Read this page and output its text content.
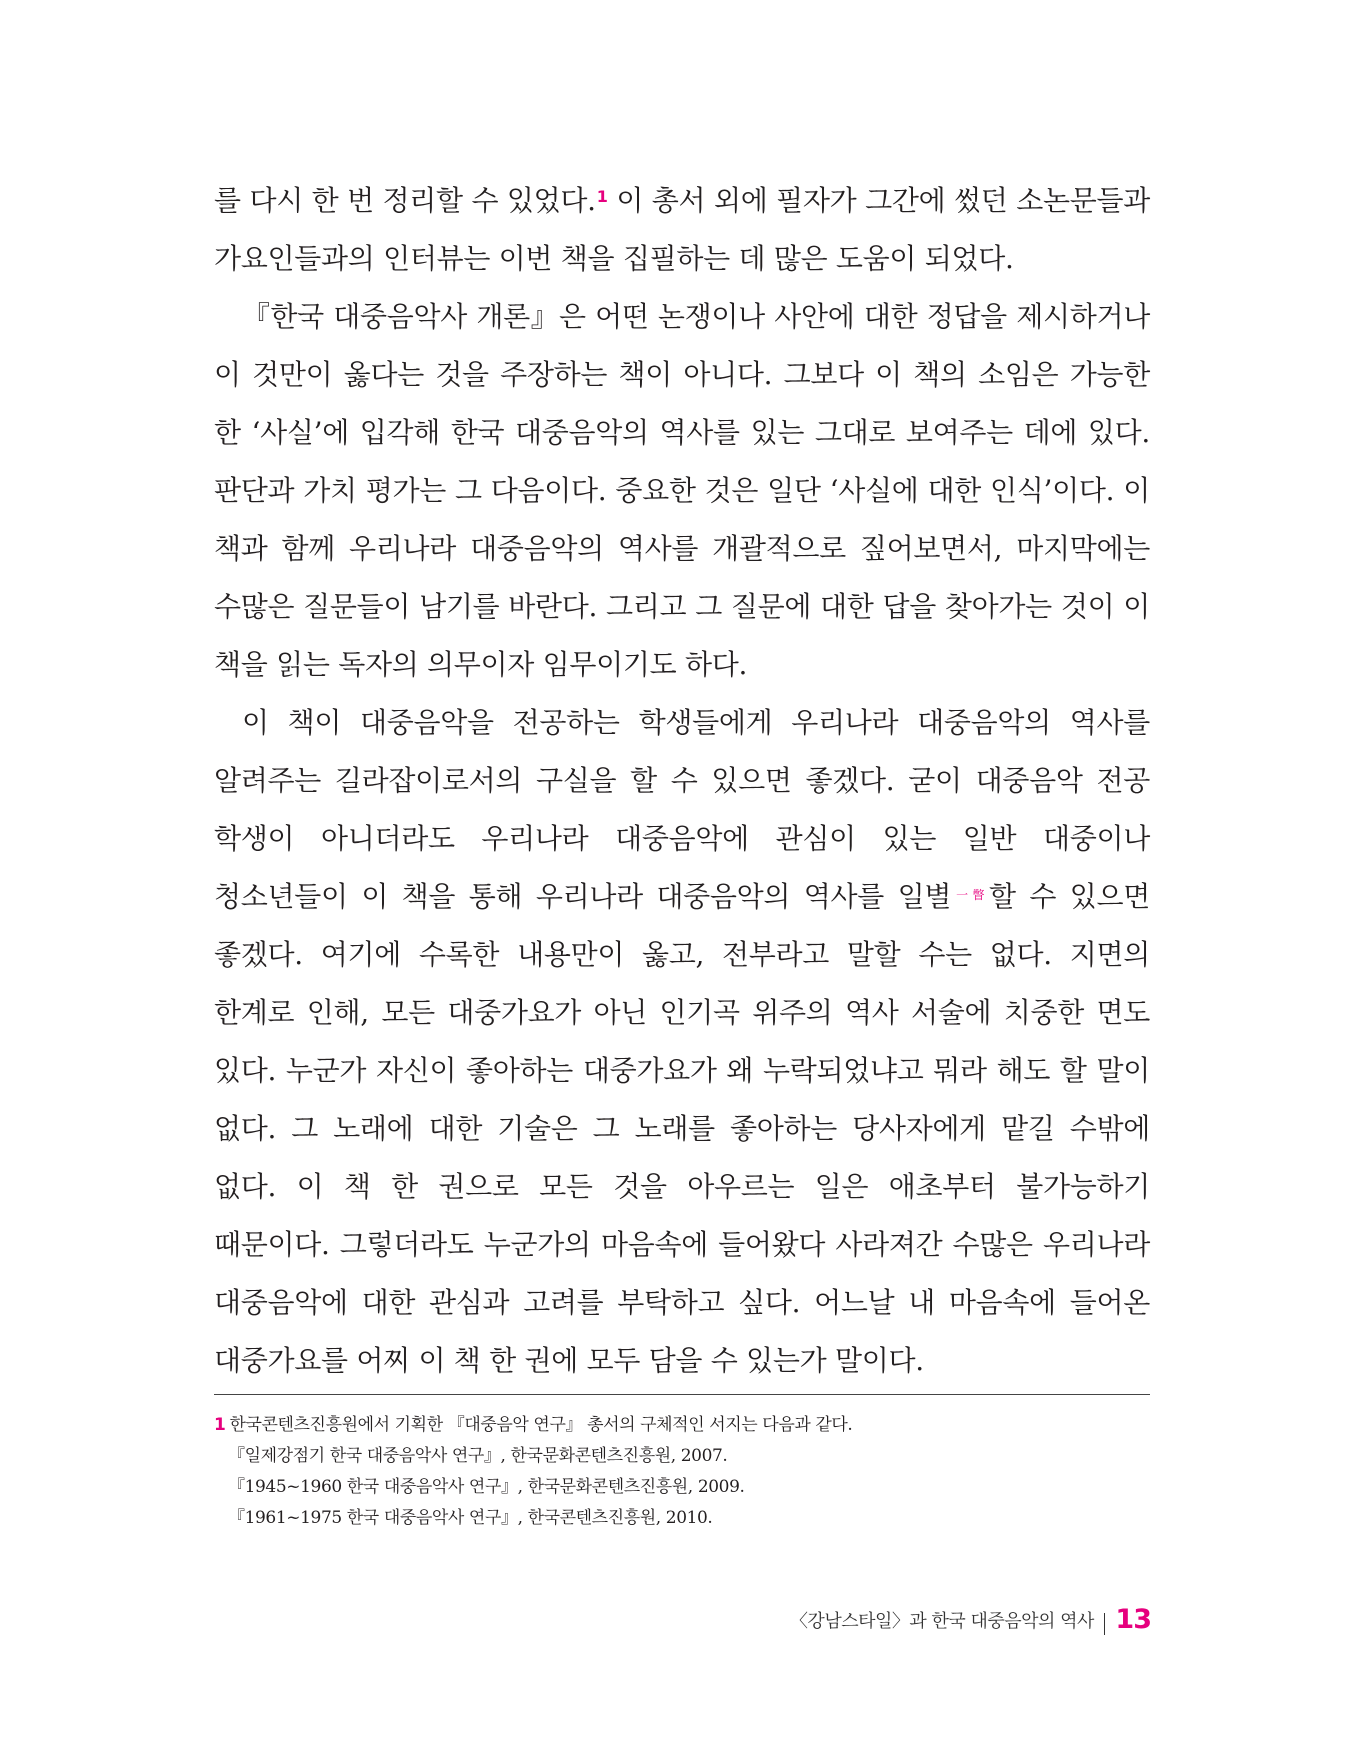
를 다시 한 번 정리할 수 있었다.$^1$ 이 총서 외에 필자가 그간에 썼던 소논문들과 가요인들과의 인터뷰는 이번 책을 집필하는 데 많은 도움이 되었다.

『한국 대중음악사 개론』은 어떤 논쟁이나 사안에 대한 정답을 제시하거나 이 것만이 옳다는 것을 주장하는 책이 아니다. 그보다 이 책의 소임은 가능한 한 ‘사실’에 입각해 한국 대중음악의 역사를 있는 그대로 보여주는 데에 있다. 판단과 가치 평가는 그 다음이다. 중요한 것은 일단 ‘사실에 대한 인식’이다. 이 책과 함께 우리나라 대중음악의 역사를 개괄적으로 짚어보면서, 마지막에는 수많은 질문들이 남기를 바란다. 그리고 그 질문에 대한 답을 찾아가는 것이 이 책을 읽는 독자의 의무이자 임무이기도 하다.

이 책이 대중음악을 전공하는 학생들에게 우리나라 대중음악의 역사를 알려주는 길라잡이로서의 구실을 할 수 있으면 좋겠다. 굳이 대중음악 전공 학생이 아니더라도 우리나라 대중음악에 관심이 있는 일반 대중이나 청소년들이 이 책을 통해 우리나라 대중음악의 역사를 일별$^{一瞥}$할 수 있으면 좋겠다. 여기에 수록한 내용만이 옳고, 전부라고 말할 수는 없다. 지면의 한계로 인해, 모든 대중가요가 아닌 인기곡 위주의 역사 서술에 치중한 면도 있다. 누군가 자신이 좋아하는 대중가요가 왜 누락되었냐고 뭐라 해도 할 말이 없다. 그 노래에 대한 기술은 그 노래를 좋아하는 당사자에게 맡길 수밖에 없다. 이 책 한 권으로 모든 것을 아우르는 일은 애초부터 불가능하기 때문이다. 그렇더라도 누군가의 마음속에 들어왔다 사라져간 수많은 우리나라 대중음악에 대한 관심과 고려를 부탁하고 싶다. 어느날 내 마음속에 들어온 대중가요를 어찌 이 책 한 권에 모두 담을 수 있는가 말이다.

1 한국콘텐츠진흥원에서 기획한 『대중음악 연구』 총서의 구체적인 서지는 다음과 같다.
『일제강점기 한국 대중음악사 연구』, 한국문화콘텐츠진흥원, 2007.
『1945~1960 한국 대중음악사 연구』, 한국문화콘텐츠진흥원, 2009.
『1961~1975 한국 대중음악사 연구』, 한국콘텐츠진흥원, 2010.
〈강남스타일〉과 한국 대중음악의 역사 13
